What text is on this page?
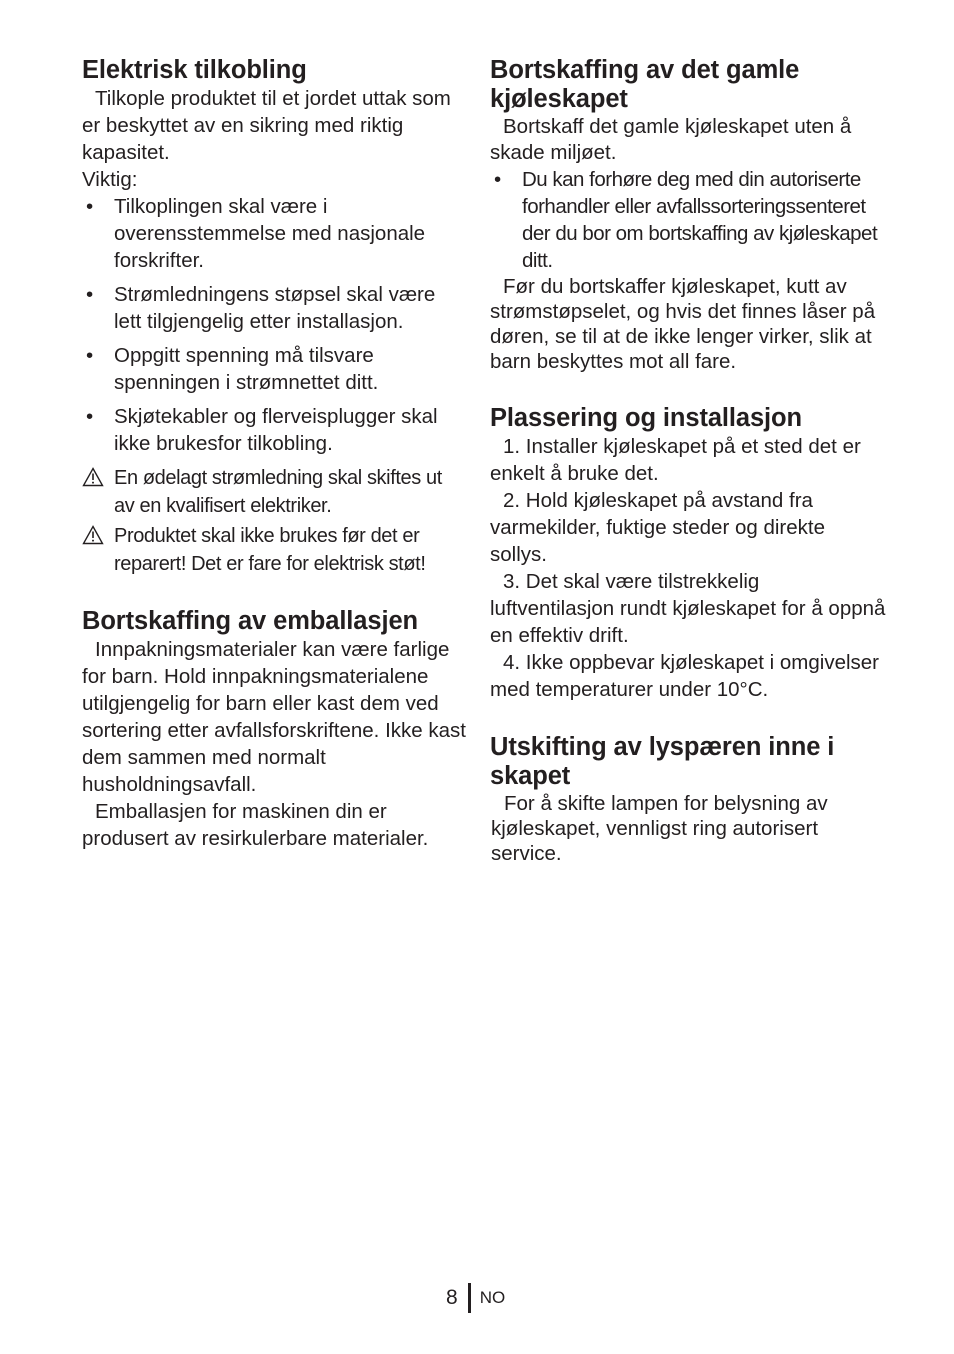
Elektrisk tilkobling

Tilkople produktet til et jordet uttak som er beskyttet av en sikring med riktig kapasitet.

Viktig:

• Tilkoplingen skal være i overensstemmelse med nasjonale forskrifter.
• Strømledningens støpsel skal være lett tilgjengelig etter installasjon.
• Oppgitt spenning må tilsvare spenningen i strømnettet ditt.
• Skjøtekabler og flerveisplugger skal ikke brukesfor tilkobling.
En ødelagt strømledning skal skiftes ut av en kvalifisert elektriker.
Produktet skal ikke brukes før det er reparert! Det er fare for elektrisk støt!
Bortskaffing av emballasjen

Innpakningsmaterialer kan være farlige for barn. Hold innpakningsmaterialene utilgjengelig for barn eller kast dem ved sortering etter avfallsforskriftene. Ikke kast dem sammen med normalt husholdningsavfall.

Emballasjen for maskinen din er produsert av resirkulerbare materialer.

Bortskaffing av det gamle kjøleskapet

Bortskaff det gamle kjøleskapet uten å skade miljøet.

• Du kan forhøre deg med din autoriserte forhandler eller avfallssorteringssenteret der du bor om bortskaffing av kjøleskapet ditt.

Før du bortskaffer kjøleskapet, kutt av strømstøpselet, og hvis det finnes låser på døren, se til at de ikke lenger virker, slik at barn beskyttes mot all fare.

Plassering og installasjon

1. Installer kjøleskapet på et sted det er enkelt å bruke det.

2. Hold kjøleskapet på avstand fra varmekilder, fuktige steder og direkte sollys.

3. Det skal være tilstrekkelig luftventilasjon rundt kjøleskapet for å oppnå en effektiv drift.

4. Ikke oppbevar kjøleskapet i omgivelser med temperaturer under 10°C.

Utskifting av lyspæren inne i skapet

For å skifte lampen for belysning av kjøleskapet, vennligst ring autorisert service.

8 NO
